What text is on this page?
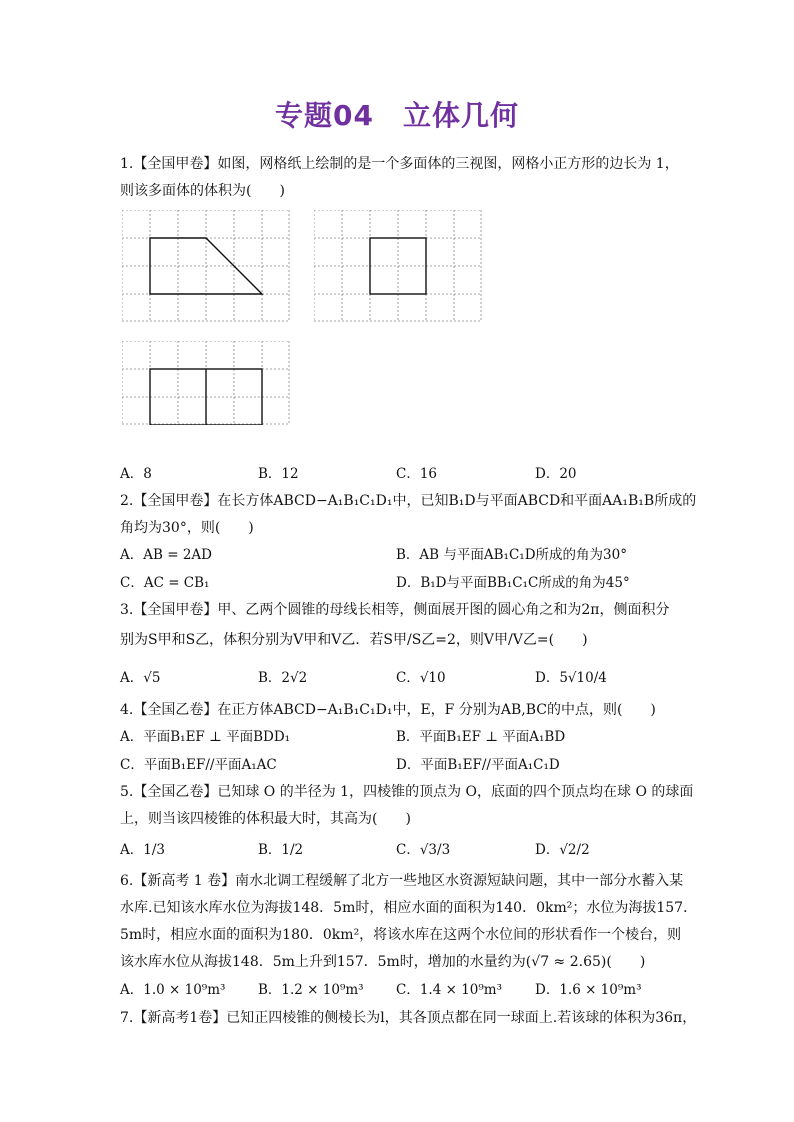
专题04　立体几何
1.【全国甲卷】如图，网格纸上绘制的是一个多面体的三视图，网格小正方形的边长为 1，
则该多面体的体积为(　　)
A．8	B．12	C．16	D．20
2.【全国甲卷】在长方体ABCD−A₁B₁C₁D₁中，已知B₁D与平面ABCD和平面AA₁B₁B所成的
角均为30°，则(　　)
A．AB = 2AD	B．AB 与平面AB₁C₁D所成的角为30°
C．AC = CB₁	D．B₁D与平面BB₁C₁C所成的角为45°
3.【全国甲卷】甲、乙两个圆锥的母线长相等，侧面展开图的圆心角之和为2π，侧面积分
别为S甲和S乙，体积分别为V甲和V乙．若S甲/S乙=2，则V甲/V乙=(　　)
A．√5	B．2√2	C．√10	D．5√10/4
4.【全国乙卷】在正方体ABCD−A₁B₁C₁D₁中，E，F 分别为AB,BC的中点，则(　　)
A．平面B₁EF ⊥ 平面BDD₁	B．平面B₁EF ⊥ 平面A₁BD
C．平面B₁EF//平面A₁AC	D．平面B₁EF//平面A₁C₁D
5.【全国乙卷】已知球 O 的半径为 1，四棱锥的顶点为 O，底面的四个顶点均在球 O 的球面
上，则当该四棱锥的体积最大时，其高为(　　)
A．1/3	B．1/2	C．√3/3	D．√2/2
6.【新高考 1 卷】南水北调工程缓解了北方一些地区水资源短缺问题，其中一部分水蓄入某
水库.已知该水库水位为海拔148．5m时，相应水面的面积为140．0km²；水位为海拔157．
5m时，相应水面的面积为180．0km²，将该水库在这两个水位间的形状看作一个棱台，则
该水库水位从海拔148．5m上升到157．5m时，增加的水量约为(√7 ≈ 2.65)(　　)
A．1.0 × 10⁹m³ B．1.2 × 10⁹m³ C．1.4 × 10⁹m³ D．1.6 × 10⁹m³
7.【新高考1卷】已知正四棱锥的侧棱长为l，其各顶点都在同一球面上.若该球的体积为36π，
